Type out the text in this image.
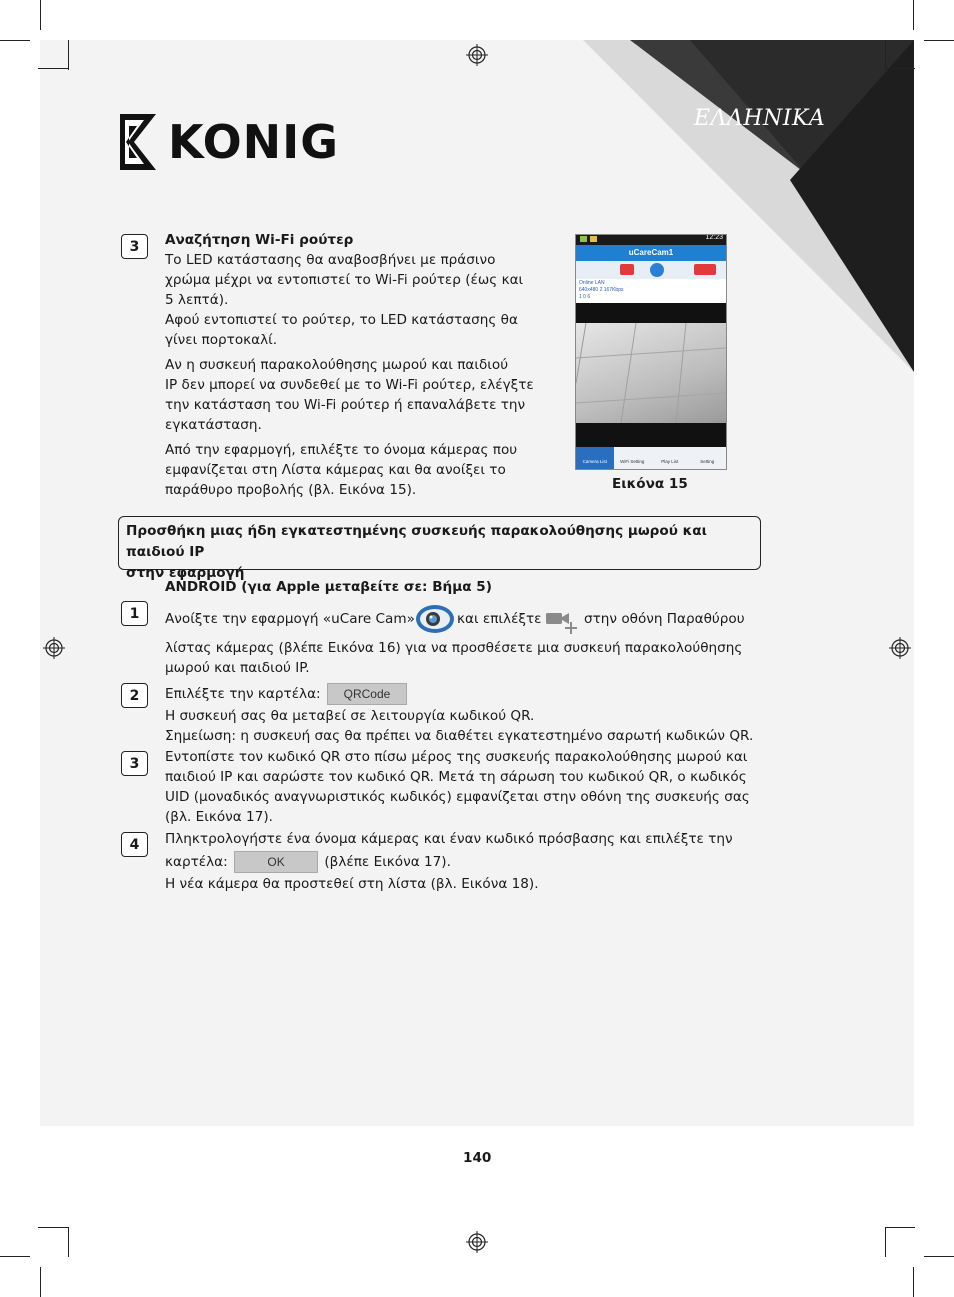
KONIG	ΕΛΛΗΝΙΚΑ
3	Αναζήτηση Wi-Fi ρούτερ
Το LED κατάστασης θα αναβοσβήνει με πράσινο
χρώμα μέχρι να εντοπιστεί το Wi-Fi ρούτερ (έως και
5 λεπτά).
Αφού εντοπιστεί το ρούτερ, το LED κατάστασης θα
γίνει πορτοκαλί.
Αν η συσκευή παρακολούθησης μωρού και παιδιού
IP δεν μπορεί να συνδεθεί με το Wi-Fi ρούτερ, ελέγξτε
την κατάσταση του Wi-Fi ρούτερ ή επαναλάβετε την
εγκατάσταση.
Από την εφαρμογή, επιλέξτε το όνομα κάμερας που
εμφανίζεται στη Λίστα κάμερας και θα ανοίξει το
παράθυρο προβολής (βλ. Εικόνα 15).
12:23
uCareCam1
Online LAN
640x480 2 167Kbps
1 0 6
Camera List	WiFi Setting	Play List	Setting
Εικόνα 15
Προσθήκη μιας ήδη εγκατεστημένης συσκευής παρακολούθησης μωρού και παιδιού IP
στην εφαρμογή
ANDROID (για Apple μεταβείτε σε: Βήμα 5)
1	Ανοίξτε την εφαρμογή «uCare Cam»	και επιλέξτε	στην οθόνη Παραθύρου
λίστας κάμερας (βλέπε Εικόνα 16) για να προσθέσετε μια συσκευή παρακολούθησης
μωρού και παιδιού IP.
2	Επιλέξτε την καρτέλα: QRCode
Η συσκευή σας θα μεταβεί σε λειτουργία κωδικού QR.
Σημείωση: η συσκευή σας θα πρέπει να διαθέτει εγκατεστημένο σαρωτή κωδικών QR.
3	Εντοπίστε τον κωδικό QR στο πίσω μέρος της συσκευής παρακολούθησης μωρού και
παιδιού IP και σαρώστε τον κωδικό QR. Μετά τη σάρωση του κωδικού QR, ο κωδικός
UID (μοναδικός αναγνωριστικός κωδικός) εμφανίζεται στην οθόνη της συσκευής σας
(βλ. Εικόνα 17).
4	Πληκτρολογήστε ένα όνομα κάμερας και έναν κωδικό πρόσβασης και επιλέξτε την
καρτέλα:	OK	(βλέπε Εικόνα 17).
Η νέα κάμερα θα προστεθεί στη λίστα (βλ. Εικόνα 18).
140
